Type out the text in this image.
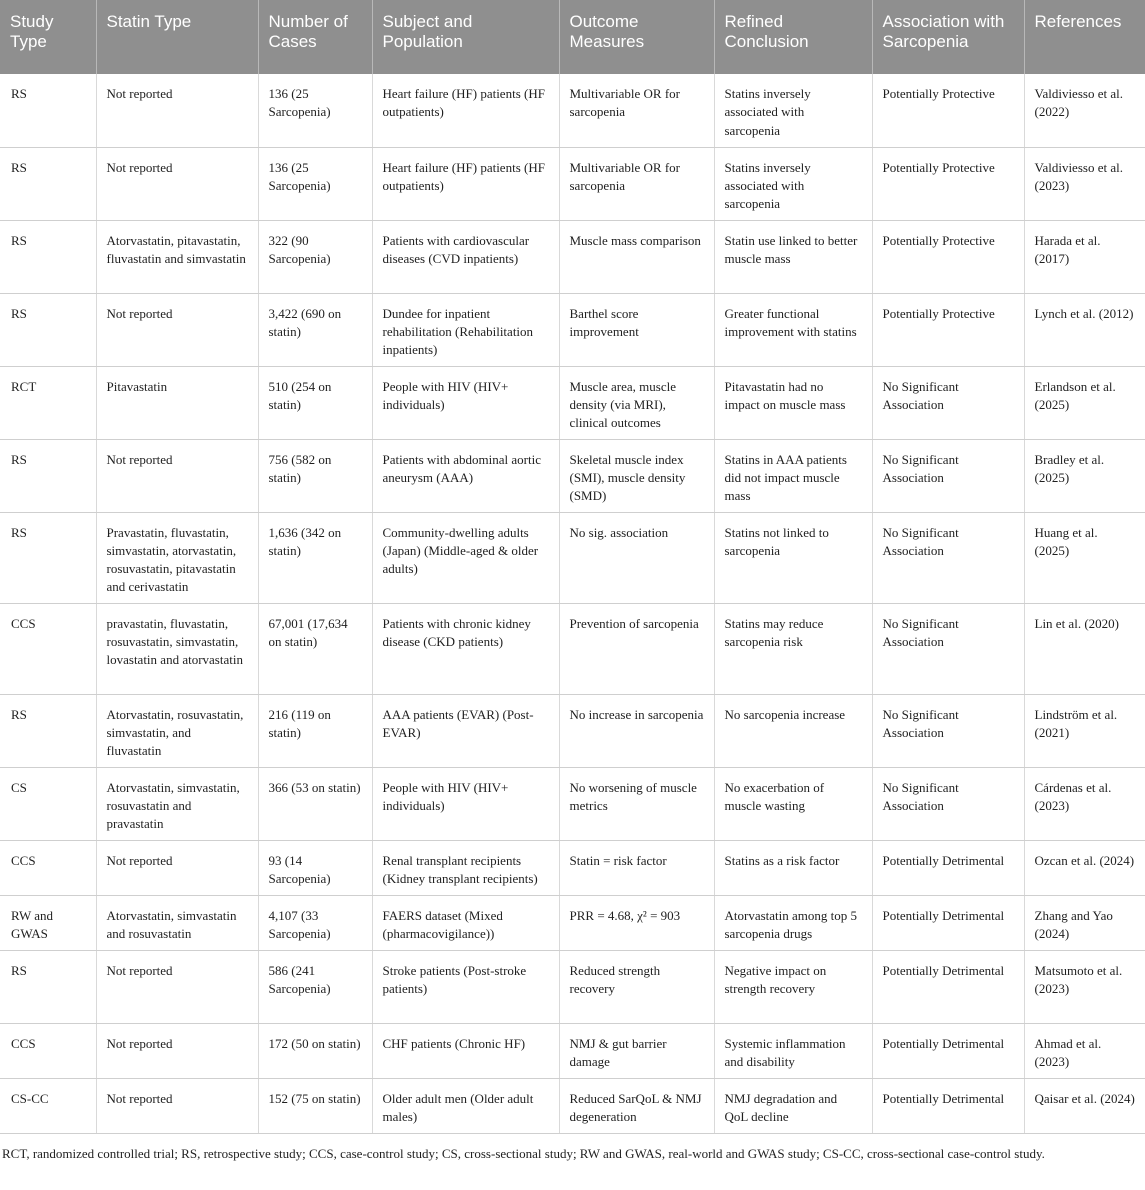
Study Type	Statin Type	Number of Cases	Subject and Population	Outcome Measures	Refined Conclusion	Association with Sarcopenia	References
RS	Not reported	136 (25 Sarcopenia)	Heart failure (HF) patients (HF outpatients)	Multivariable OR for sarcopenia	Statins inversely associated with sarcopenia	Potentially Protective	Valdiviesso et al. (2022)
RS	Not reported	136 (25 Sarcopenia)	Heart failure (HF) patients (HF outpatients)	Multivariable OR for sarcopenia	Statins inversely associated with sarcopenia	Potentially Protective	Valdiviesso et al. (2023)
RS	Atorvastatin, pitavastatin, fluvastatin and simvastatin	322 (90 Sarcopenia)	Patients with cardiovascular diseases (CVD inpatients)	Muscle mass comparison	Statin use linked to better muscle mass	Potentially Protective	Harada et al. (2017)
RS	Not reported	3,422 (690 on statin)	Dundee for inpatient rehabilitation (Rehabilitation inpatients)	Barthel score improvement	Greater functional improvement with statins	Potentially Protective	Lynch et al. (2012)
RCT	Pitavastatin	510 (254 on statin)	People with HIV (HIV+ individuals)	Muscle area, muscle density (via MRI), clinical outcomes	Pitavastatin had no impact on muscle mass	No Significant Association	Erlandson et al. (2025)
RS	Not reported	756 (582 on statin)	Patients with abdominal aortic aneurysm (AAA)	Skeletal muscle index (SMI), muscle density (SMD)	Statins in AAA patients did not impact muscle mass	No Significant Association	Bradley et al. (2025)
RS	Pravastatin, fluvastatin, simvastatin, atorvastatin, rosuvastatin, pitavastatin and cerivastatin	1,636 (342 on statin)	Community-dwelling adults (Japan) (Middle-aged & older adults)	No sig. association	Statins not linked to sarcopenia	No Significant Association	Huang et al. (2025)
CCS	pravastatin, fluvastatin, rosuvastatin, simvastatin, lovastatin and atorvastatin	67,001 (17,634 on statin)	Patients with chronic kidney disease (CKD patients)	Prevention of sarcopenia	Statins may reduce sarcopenia risk	No Significant Association	Lin et al. (2020)
RS	Atorvastatin, rosuvastatin, simvastatin, and fluvastatin	216 (119 on statin)	AAA patients (EVAR) (Post-EVAR)	No increase in sarcopenia	No sarcopenia increase	No Significant Association	Lindström et al. (2021)
CS	Atorvastatin, simvastatin, rosuvastatin and pravastatin	366 (53 on statin)	People with HIV (HIV+ individuals)	No worsening of muscle metrics	No exacerbation of muscle wasting	No Significant Association	Cárdenas et al. (2023)
CCS	Not reported	93 (14 Sarcopenia)	Renal transplant recipients (Kidney transplant recipients)	Statin = risk factor	Statins as a risk factor	Potentially Detrimental	Ozcan et al. (2024)
RW and GWAS	Atorvastatin, simvastatin and rosuvastatin	4,107 (33 Sarcopenia)	FAERS dataset (Mixed (pharmacovigilance))	PRR = 4.68, χ² = 903	Atorvastatin among top 5 sarcopenia drugs	Potentially Detrimental	Zhang and Yao (2024)
RS	Not reported	586 (241 Sarcopenia)	Stroke patients (Post-stroke patients)	Reduced strength recovery	Negative impact on strength recovery	Potentially Detrimental	Matsumoto et al. (2023)
CCS	Not reported	172 (50 on statin)	CHF patients (Chronic HF)	NMJ & gut barrier damage	Systemic inflammation and disability	Potentially Detrimental	Ahmad et al. (2023)
CS-CC	Not reported	152 (75 on statin)	Older adult men (Older adult males)	Reduced SarQoL & NMJ degeneration	NMJ degradation and QoL decline	Potentially Detrimental	Qaisar et al. (2024)
RCT, randomized controlled trial; RS, retrospective study; CCS, case-control study; CS, cross-sectional study; RW and GWAS, real-world and GWAS study; CS-CC, cross-sectional case-control study.
